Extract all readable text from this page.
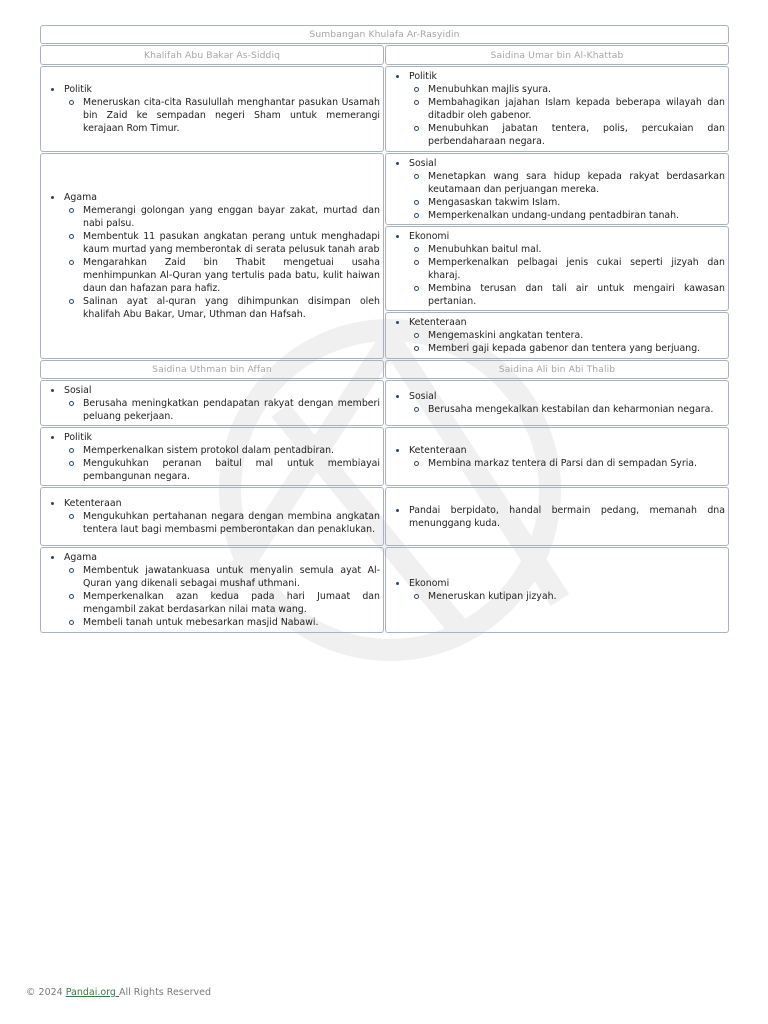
Sumbangan Khulafa Ar-Rasyidin
Khalifah Abu Bakar As-Siddiq	Saidina Umar bin Al-Khattab
Politik
Meneruskan cita-cita Rasulullah menghantar pasukan Usamah bin Zaid ke sempadan negeri Sham untuk memerangi kerajaan Rom Timur.
Politik
Menubuhkan majlis syura.
Membahagikan jajahan Islam kepada beberapa wilayah dan ditadbir oleh gabenor.
Menubuhkan jabatan tentera, polis, percukaian dan perbendaharaan negara.
Agama
Memerangi golongan yang enggan bayar zakat, murtad dan nabi palsu.
Membentuk 11 pasukan angkatan perang untuk menghadapi kaum murtad yang memberontak di serata pelusuk tanah arab
Mengarahkan Zaid bin Thabit mengetuai usaha menhimpunkan Al-Quran yang tertulis pada batu, kulit haiwan daun dan hafazan para hafiz.
Salinan ayat al-quran yang dihimpunkan disimpan oleh khalifah Abu Bakar, Umar, Uthman dan Hafsah.
Sosial
Menetapkan wang sara hidup kepada rakyat berdasarkan keutamaan dan perjuangan mereka.
Mengasaskan takwim Islam.
Memperkenalkan undang-undang pentadbiran tanah.
Ekonomi
Menubuhkan baitul mal.
Memperkenalkan pelbagai jenis cukai seperti jizyah dan kharaj.
Membina terusan dan tali air untuk mengairi kawasan pertanian.
Ketenteraan
Mengemaskini angkatan tentera.
Memberi gaji kepada gabenor dan tentera yang berjuang.
Saidina Uthman bin Affan	Saidina Ali bin Abi Thalib
Sosial
Berusaha meningkatkan pendapatan rakyat dengan memberi peluang pekerjaan.
Sosial
Berusaha mengekalkan kestabilan dan keharmonian negara.
Politik
Memperkenalkan sistem protokol dalam pentadbiran.
Mengukuhkan peranan baitul mal untuk membiayai pembangunan negara.
Ketenteraan
Membina markaz tentera di Parsi dan di sempadan Syria.
Ketenteraan
Mengukuhkan pertahanan negara dengan membina angkatan tentera laut bagi membasmi pemberontakan dan penaklukan.
Pandai berpidato, handal bermain pedang, memanah dna menunggang kuda.
Agama
Membentuk jawatankuasa untuk menyalin semula ayat Al-Quran yang dikenali sebagai mushaf uthmani.
Memperkenalkan azan kedua pada hari Jumaat dan mengambil zakat berdasarkan nilai mata wang.
Membeli tanah untuk mebesarkan masjid Nabawi.
Ekonomi
Meneruskan kutipan jizyah.
© 2024 Pandai.org All Rights Reserved
